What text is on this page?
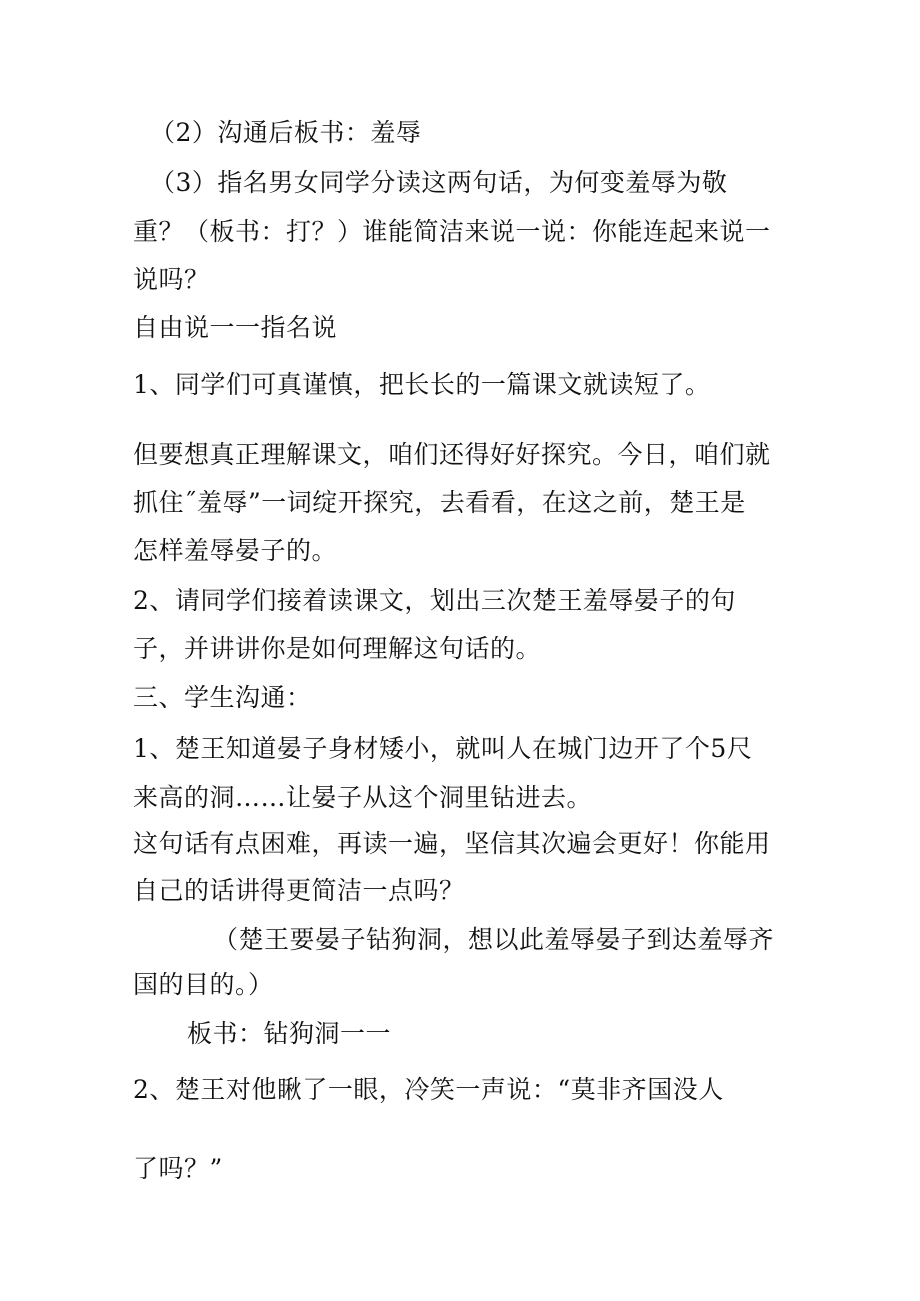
（2）沟通后板书：羞辱
（3）指名男女同学分读这两句话，为何变羞辱为敬
重？（板书：打？）谁能简洁来说一说：你能连起来说一
说吗？
自由说一一指名说
1、同学们可真谨慎，把长长的一篇课文就读短了。
但要想真正理解课文，咱们还得好好探究。今日，咱们就
抓住˝羞辱”一词绽开探究，去看看，在这之前，楚王是
怎样羞辱晏子的。
2、请同学们接着读课文，划出三次楚王羞辱晏子的句
子，并讲讲你是如何理解这句话的。
三、学生沟通：
1、楚王知道晏子身材矮小，就叫人在城门边开了个5尺
来高的洞……让晏子从这个洞里钻进去。
这句话有点困难，再读一遍，坚信其次遍会更好！你能用
自己的话讲得更简洁一点吗？
（楚王要晏子钻狗洞，想以此羞辱晏子到达羞辱齐
国的目的。）
板书：钻狗洞一一
2、楚王对他瞅了一眼，冷笑一声说：“莫非齐国没人
了吗？”
